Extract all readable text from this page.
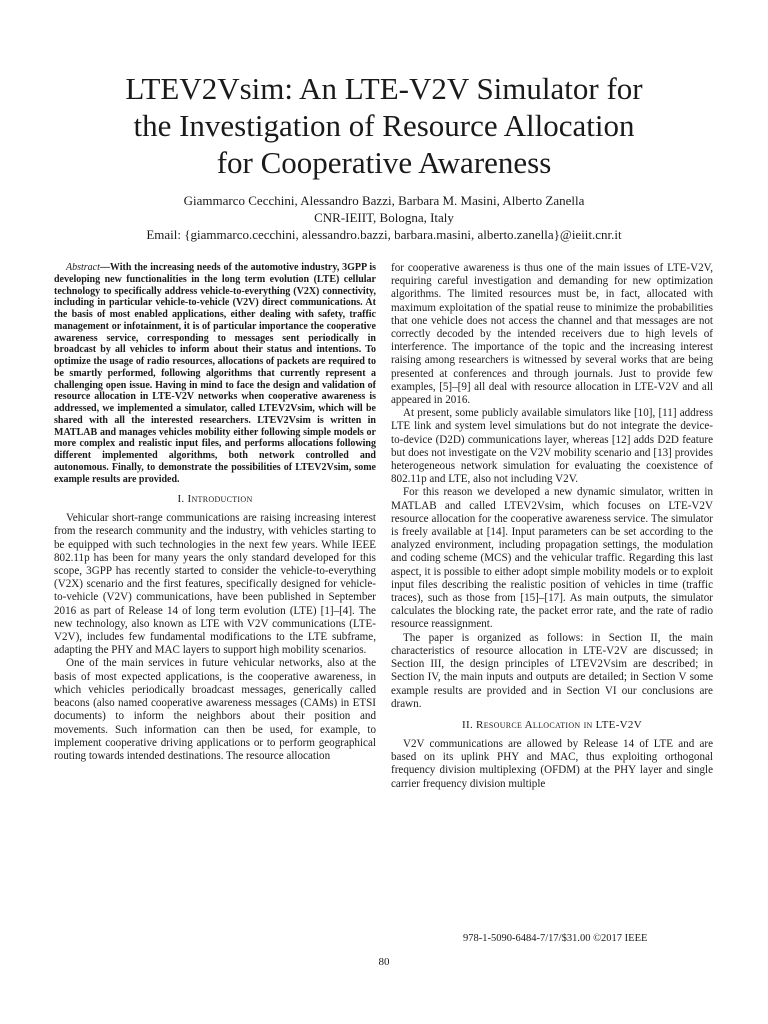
LTEV2Vsim: An LTE-V2V Simulator for
the Investigation of Resource Allocation
for Cooperative Awareness
Giammarco Cecchini, Alessandro Bazzi, Barbara M. Masini, Alberto Zanella
CNR-IEIIT, Bologna, Italy
Email: {giammarco.cecchini, alessandro.bazzi, barbara.masini, alberto.zanella}@ieiit.cnr.it

Abstract—With the increasing needs of the automotive industry, 3GPP is developing new functionalities in the long term evolution (LTE) cellular technology to specifically address vehicle-to-everything (V2X) connectivity, including in particular vehicle-to-vehicle (V2V) direct communications. At the basis of most enabled applications, either dealing with safety, traffic management or infotainment, it is of particular importance the cooperative awareness service, corresponding to messages sent periodically in broadcast by all vehicles to inform about their status and intentions. To optimize the usage of radio resources, allocations of packets are required to be smartly performed, following algorithms that currently represent a challenging open issue. Having in mind to face the design and validation of resource allocation in LTE-V2V networks when cooperative awareness is addressed, we implemented a simulator, called LTEV2Vsim, which will be shared with all the interested researchers. LTEV2Vsim is written in MATLAB and manages vehicles mobility either following simple models or more complex and realistic input files, and performs allocations following different implemented algorithms, both network controlled and autonomous. Finally, to demonstrate the possibilities of LTEV2Vsim, some example results are provided.

I. Introduction

Vehicular short-range communications are raising increasing interest from the research community and the industry, with vehicles starting to be equipped with such technologies in the next few years. While IEEE 802.11p has been for many years the only standard developed for this scope, 3GPP has recently started to consider the vehicle-to-everything (V2X) scenario and the first features, specifically designed for vehicle-to-vehicle (V2V) communications, have been published in September 2016 as part of Release 14 of long term evolution (LTE) [1]–[4]. The new technology, also known as LTE with V2V communications (LTE-V2V), includes few fundamental modifications to the LTE subframe, adapting the PHY and MAC layers to support high mobility scenarios.

One of the main services in future vehicular networks, also at the basis of most expected applications, is the cooperative awareness, in which vehicles periodically broadcast messages, generically called beacons (also named cooperative awareness messages (CAMs) in ETSI documents) to inform the neighbors about their position and movements. Such information can then be used, for example, to implement cooperative driving applications or to perform geographical routing towards intended destinations. The resource allocation

for cooperative awareness is thus one of the main issues of LTE-V2V, requiring careful investigation and demanding for new optimization algorithms. The limited resources must be, in fact, allocated with maximum exploitation of the spatial reuse to minimize the probabilities that one vehicle does not access the channel and that messages are not correctly decoded by the intended receivers due to high levels of interference. The importance of the topic and the increasing interest raising among researchers is witnessed by several works that are being presented at conferences and through journals. Just to provide few examples, [5]–[9] all deal with resource allocation in LTE-V2V and all appeared in 2016.

At present, some publicly available simulators like [10], [11] address LTE link and system level simulations but do not integrate the device-to-device (D2D) communications layer, whereas [12] adds D2D feature but does not investigate on the V2V mobility scenario and [13] provides heterogeneous network simulation for evaluating the coexistence of 802.11p and LTE, also not including V2V.

For this reason we developed a new dynamic simulator, written in MATLAB and called LTEV2Vsim, which focuses on LTE-V2V resource allocation for the cooperative awareness service. The simulator is freely available at [14]. Input parameters can be set according to the analyzed environment, including propagation settings, the modulation and coding scheme (MCS) and the vehicular traffic. Regarding this last aspect, it is possible to either adopt simple mobility models or to exploit input files describing the realistic position of vehicles in time (traffic traces), such as those from [15]–[17]. As main outputs, the simulator calculates the blocking rate, the packet error rate, and the rate of radio resource reassignment.

The paper is organized as follows: in Section II, the main characteristics of resource allocation in LTE-V2V are discussed; in Section III, the design principles of LTEV2Vsim are described; in Section IV, the main inputs and outputs are detailed; in Section V some example results are provided and in Section VI our conclusions are drawn.

II. Resource Allocation in LTE-V2V

V2V communications are allowed by Release 14 of LTE and are based on its uplink PHY and MAC, thus exploiting orthogonal frequency division multiplexing (OFDM) at the PHY layer and single carrier frequency division multiple

978-1-5090-6484-7/17/$31.00 ©2017 IEEE
80
